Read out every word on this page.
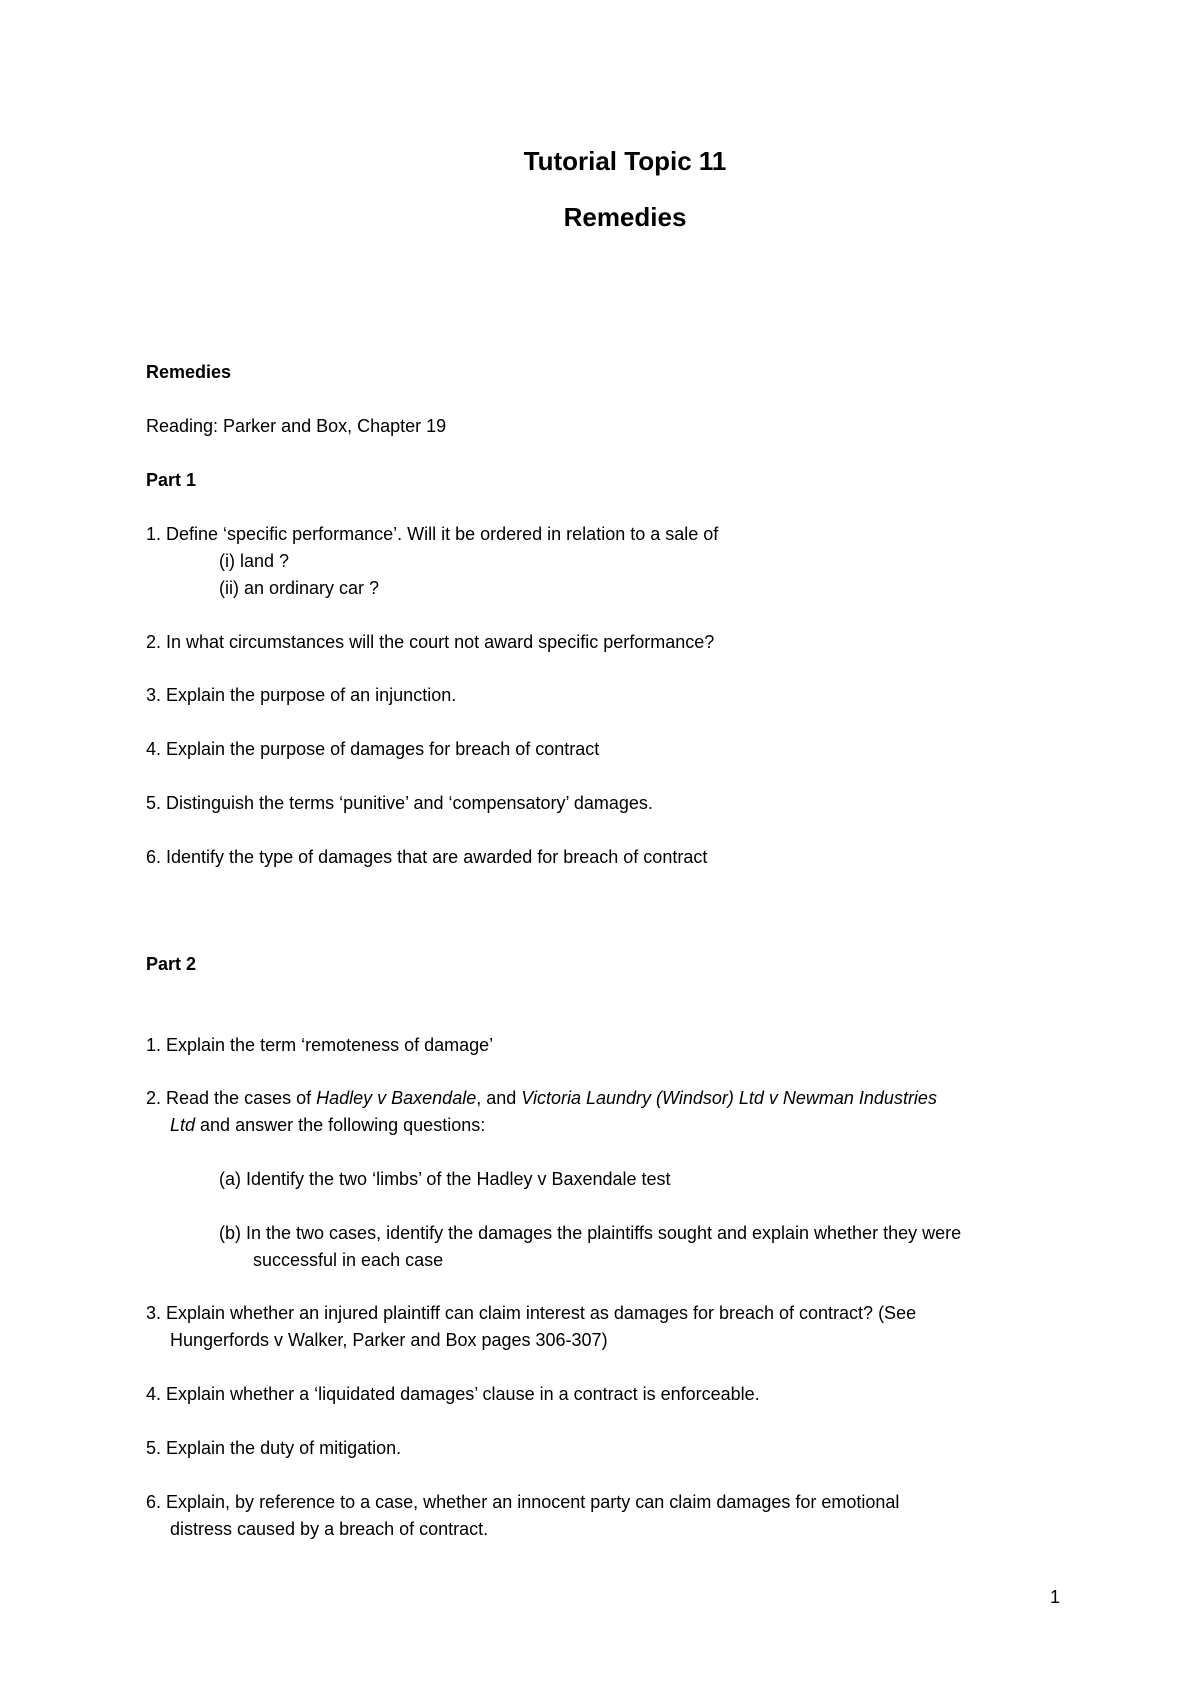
Tutorial Topic 11
Remedies

Remedies

Reading: Parker and Box, Chapter 19

Part 1

1. Define ‘specific performance’. Will it be ordered in relation to a sale of

(i) land ?

(ii) an ordinary car ?

2. In what circumstances will the court not award specific performance?

3. Explain the purpose of an injunction.

4. Explain the purpose of damages for breach of contract

5. Distinguish the terms ‘punitive’ and ‘compensatory’ damages.

6. Identify the type of damages that are awarded for breach of contract

Part 2

1. Explain the term ‘remoteness of damage’

2. Read the cases of Hadley v Baxendale, and Victoria Laundry (Windsor) Ltd v Newman Industries

Ltd and answer the following questions:

(a) Identify the two ‘limbs’ of the Hadley v Baxendale test

(b) In the two cases, identify the damages the plaintiffs sought and explain whether they were

successful in each case

3. Explain whether an injured plaintiff can claim interest as damages for breach of contract? (See

Hungerfords v Walker, Parker and Box pages 306-307)

4. Explain whether a ‘liquidated damages’ clause in a contract is enforceable.

5. Explain the duty of mitigation.

6. Explain, by reference to a case, whether an innocent party can claim damages for emotional

distress caused by a breach of contract.

1
